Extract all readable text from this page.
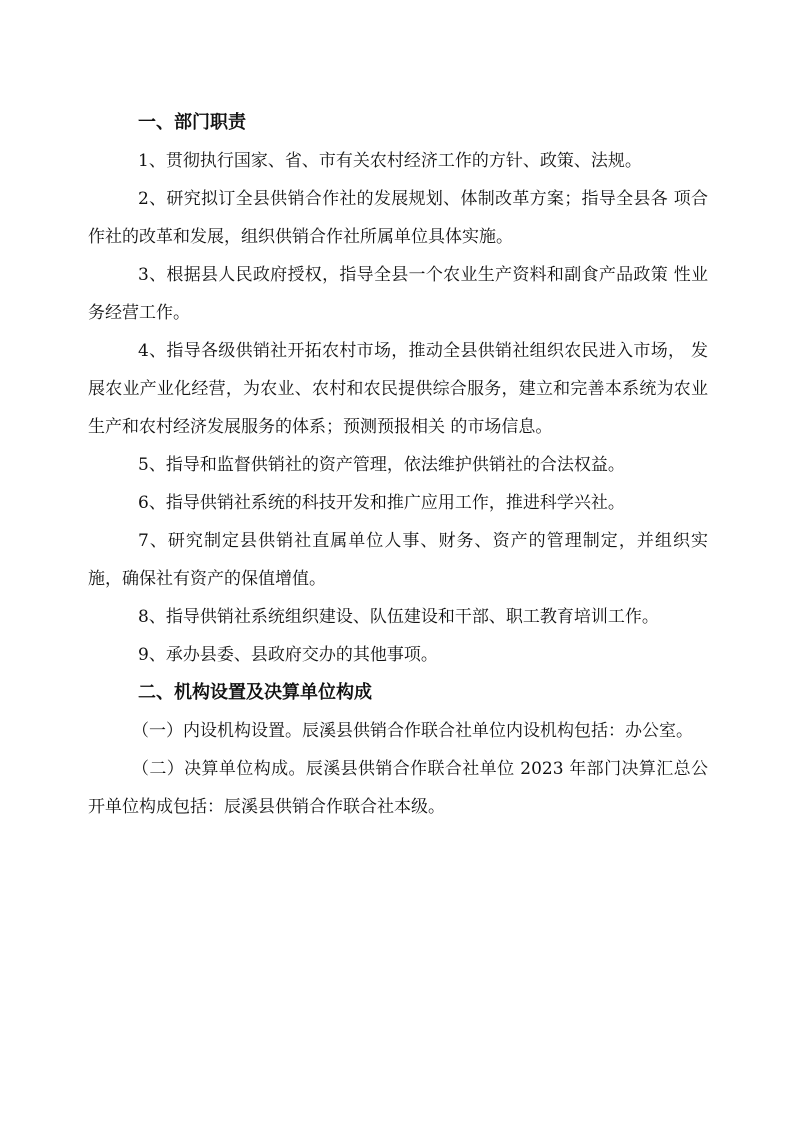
一、部门职责

1、贯彻执行国家、省、市有关农村经济工作的方针、政策、法规。

2、研究拟订全县供销合作社的发展规划、体制改革方案；指导全县各 项合作社的改革和发展，组织供销合作社所属单位具体实施。

3、根据县人民政府授权，指导全县一个农业生产资料和副食产品政策 性业务经营工作。

4、指导各级供销社开拓农村市场，推动全县供销社组织农民进入市场， 发展农业产业化经营，为农业、农村和农民提供综合服务，建立和完善本系统为农业生产和农村经济发展服务的体系；预测预报相关 的市场信息。

5、指导和监督供销社的资产管理，依法维护供销社的合法权益。

6、指导供销社系统的科技开发和推广应用工作，推进科学兴社。

7、研究制定县供销社直属单位人事、财务、资产的管理制定，并组织实施，确保社有资产的保值增值。

8、指导供销社系统组织建设、队伍建设和干部、职工教育培训工作。

9、承办县委、县政府交办的其他事项。

二、机构设置及决算单位构成

（一）内设机构设置。辰溪县供销合作联合社单位内设机构包括：办公室。

（二）决算单位构成。辰溪县供销合作联合社单位 2023 年部门决算汇总公开单位构成包括：辰溪县供销合作联合社本级。
